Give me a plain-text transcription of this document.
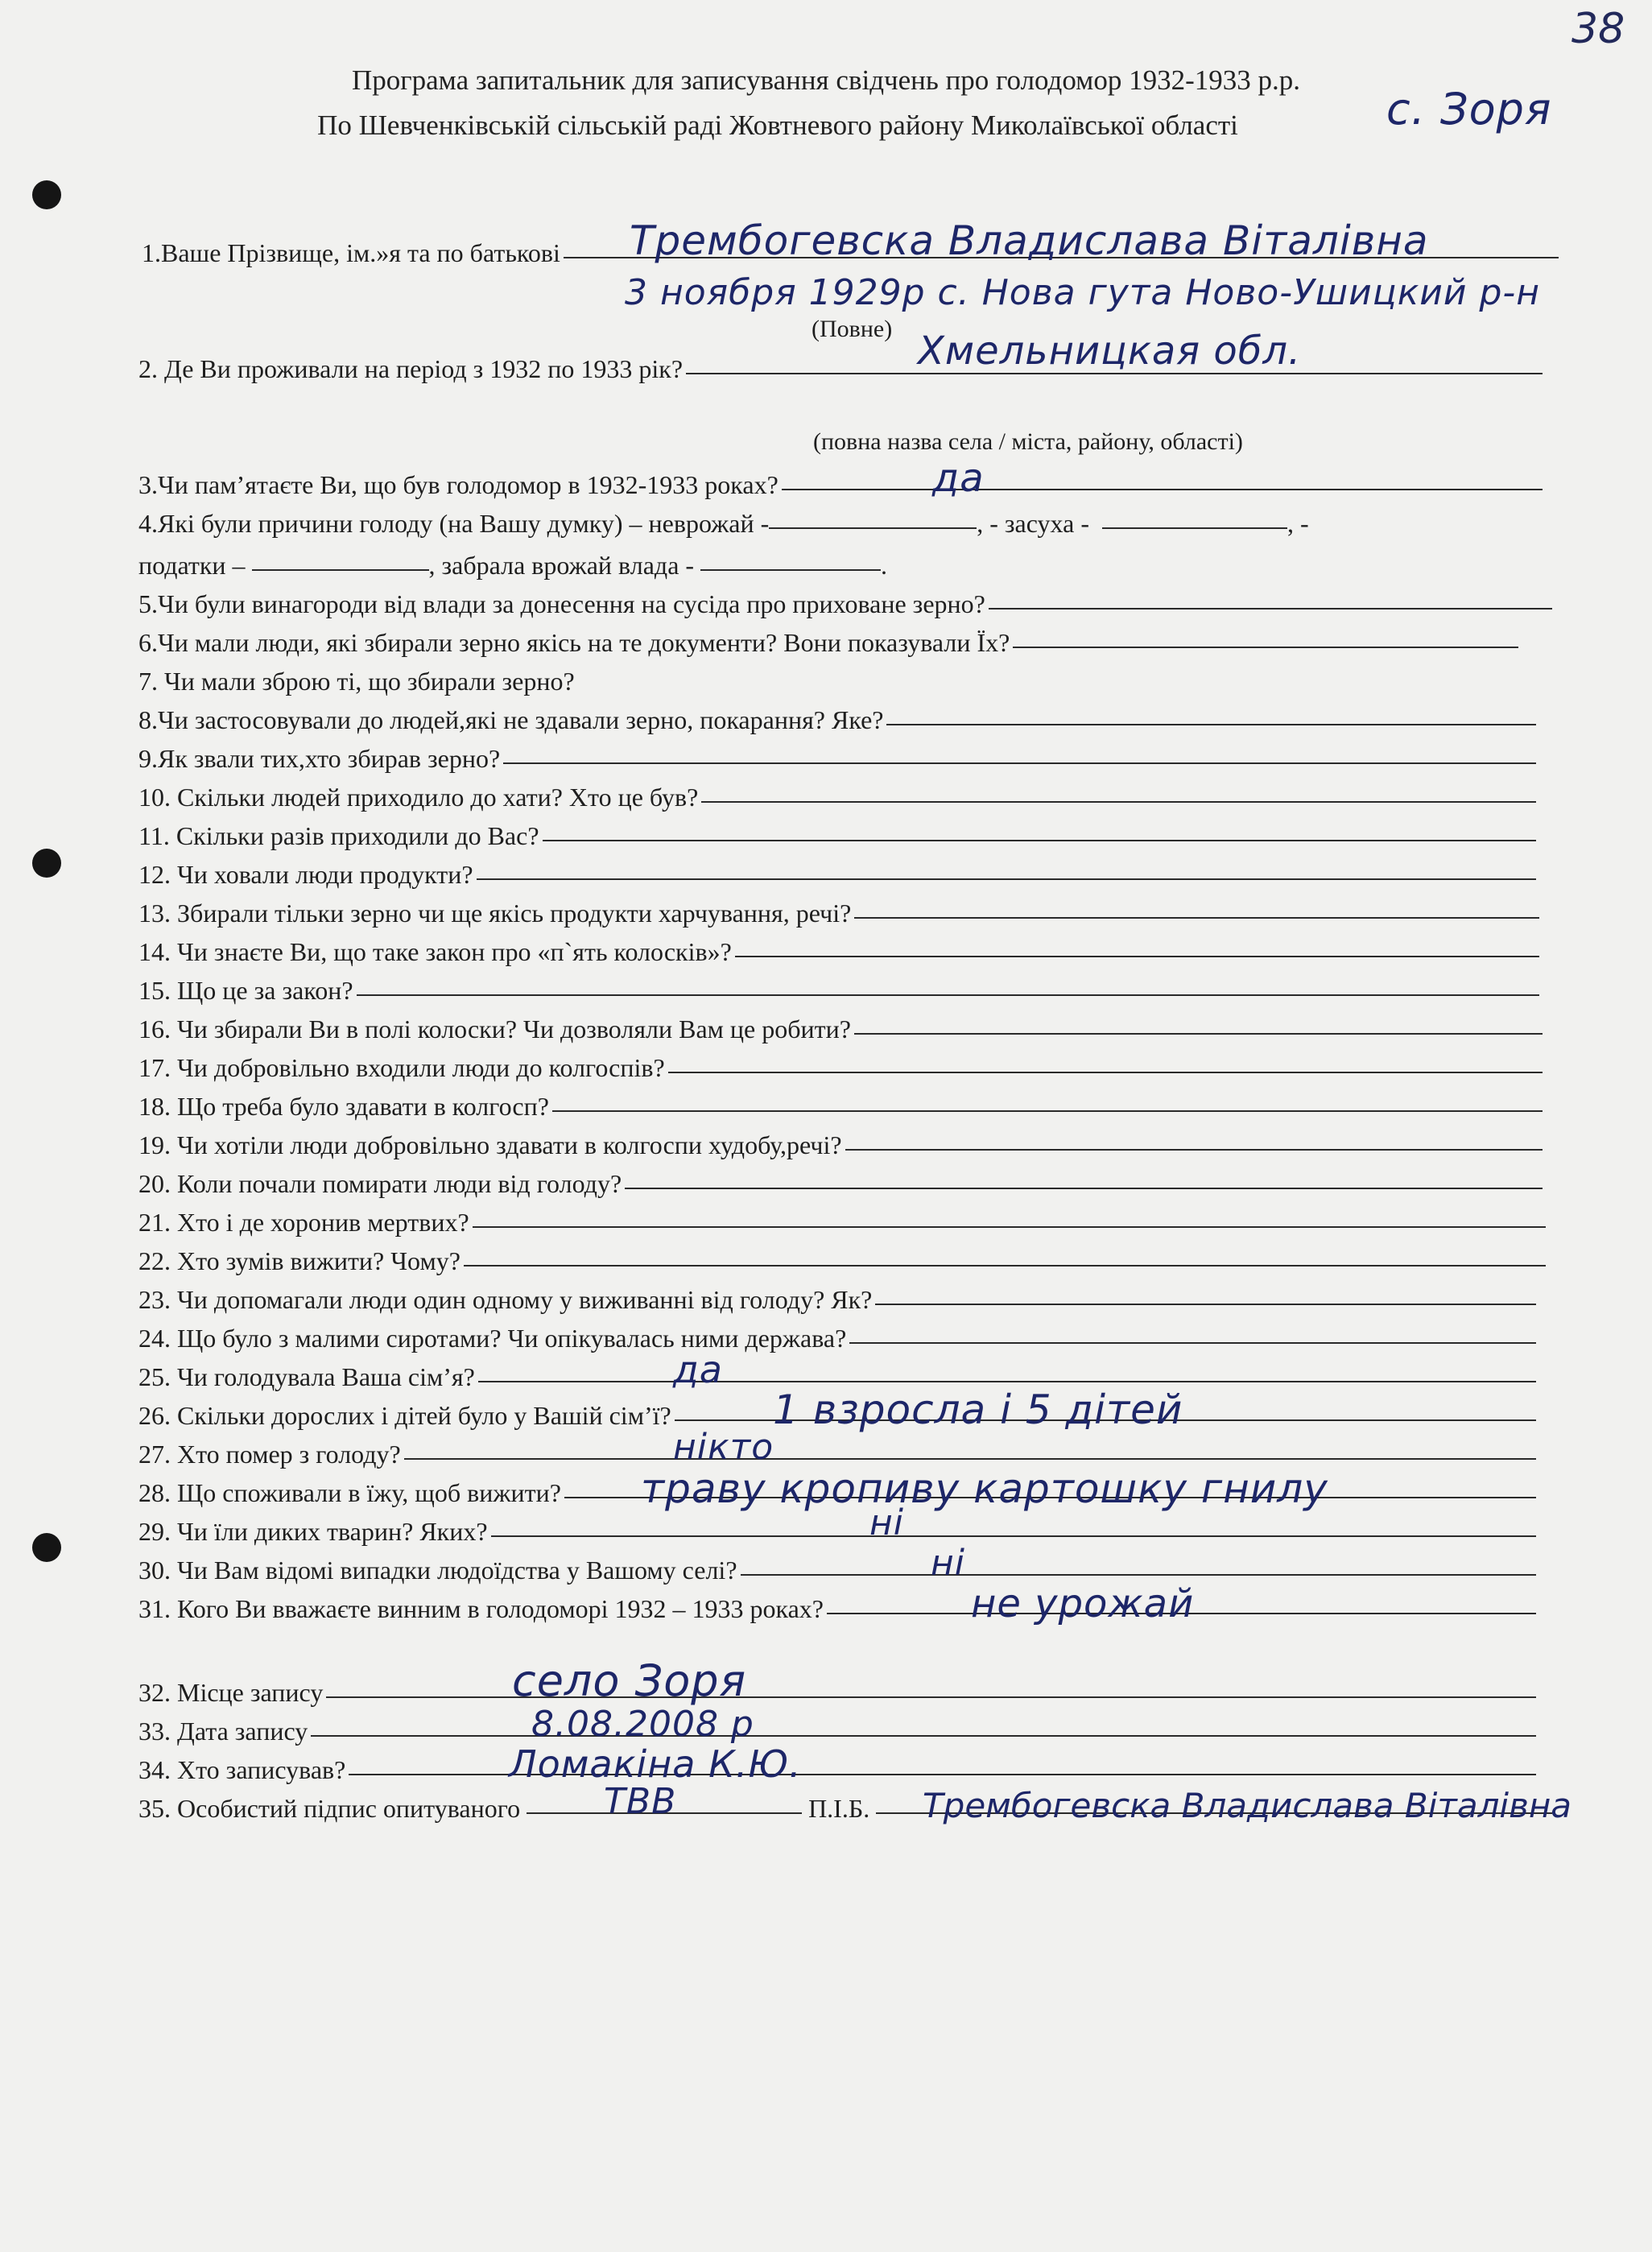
38
Програма запитальник для записування свідчень про голодомор 1932-1933 р.р.
По Шевченківській сільській раді Жовтневого району Миколаївської області	с. Зоря
1.Ваше Прізвище, ім.»я та по батькові Трембогевска Владислава Віталівна
3 ноября 1929р с. Нова гута Ново-Ушицкий р-н
(Повне)
2. Де Ви проживали на період з 1932 по 1933 рік?	Хмельницкая обл.
(повна назва села / міста, району, області)
3.Чи пам’ятаєте Ви, що був голодомор в 1932-1933 роках?	да
4.Які були причини голоду (на Вашу думку) – неврожай -	, - засуха -	, -
податки –	, забрала врожай влада -	.
5.Чи були винагороди від влади за донесення на сусіда про приховане зерно?
6.Чи мали люди, які збирали зерно якісь на те документи? Вони показували Їх?
7. Чи мали зброю ті, що збирали зерно?
8.Чи застосовували до людей,які не здавали зерно, покарання? Яке?
9.Як звали тих,хто збирав зерно?
10. Скільки людей приходило до хати? Хто це був?
11. Скільки разів приходили до Вас?
12. Чи ховали люди продукти?
13. Збирали тільки зерно чи ще якісь продукти харчування, речі?
14. Чи знаєте Ви, що таке закон про «п`ять колосків»?
15. Що це за закон?
16. Чи збирали Ви в полі колоски? Чи дозволяли Вам це робити?
17. Чи добровільно входили люди до колгоспів?
18. Що треба було здавати в колгосп?
19. Чи хотіли люди добровільно здавати в колгоспи худобу,речі?
20. Коли почали помирати люди від голоду?
21. Хто і де хоронив мертвих?
22. Хто зумів вижити? Чому?
23. Чи допомагали люди один одному у виживанні від голоду? Як?
24. Що було з малими сиротами? Чи опікувалась ними держава?
25. Чи голодувала Ваша сім’я?	да
26. Скільки дорослих і дітей було у Вашій сім’ї?	1 взросла і 5 дітей
27. Хто помер з голоду?	нікто
28. Що споживали в їжу, щоб вижити? траву кропиву картошку гнилу
29. Чи їли диких тварин? Яких?	ні
30. Чи Вам відомі випадки людоїдства у Вашому селі?	ні
31. Кого Ви вважаєте винним в голодоморі 1932 – 1933 роках?	не урожай
32. Місце запису	село Зоря
33. Дата запису	8.08.2008 р
34. Хто записував?	Ломакіна К.Ю.
35. Особистий підпис опитуваного	П.І.Б.
ТВВ	Трембогевска Владислава Віталівна
